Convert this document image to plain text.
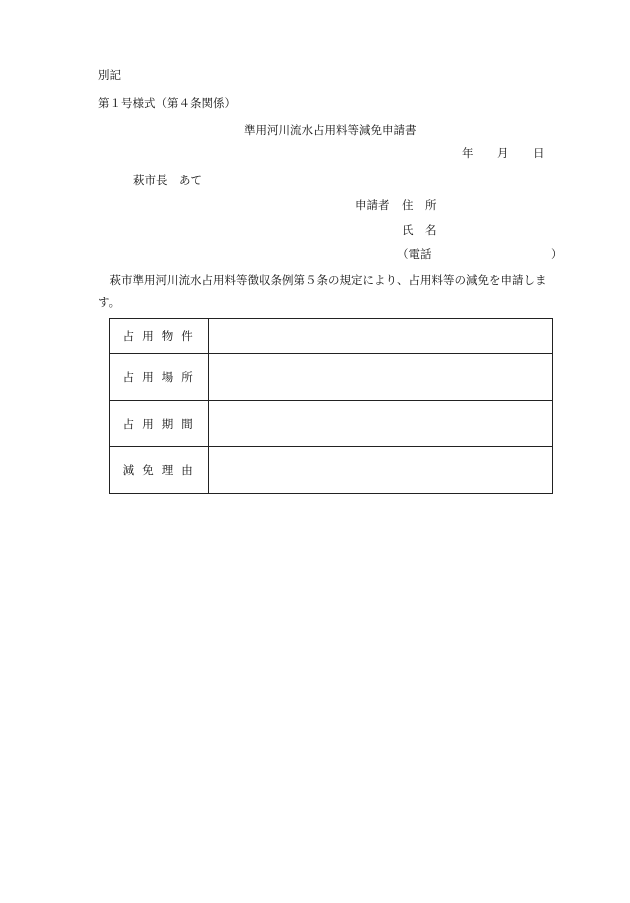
別記
第１号様式（第４条関係）
準用河川流水占用料等減免申請書
年 月 日
萩市長　あて
申請者 住　所
氏　名
（電話	）
萩市準用河川流水占用料等徴収条例第５条の規定により、占用料等の減免を申請します。
占用物件	
占用場所	
占用期間	
減免理由	
